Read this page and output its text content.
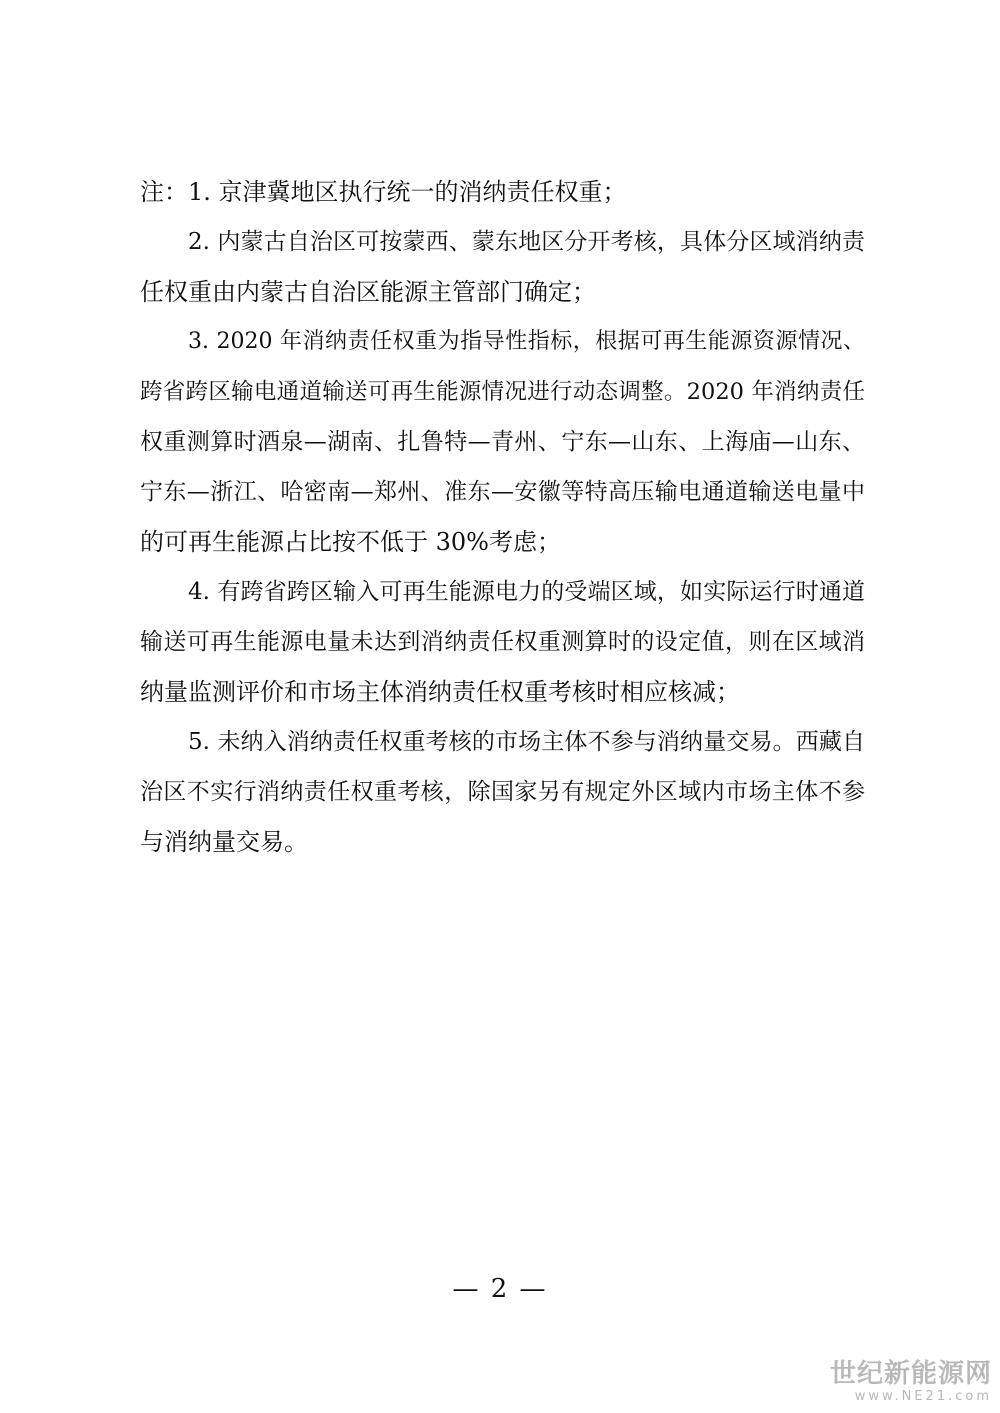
注：1. 京津冀地区执行统一的消纳责任权重；
2. 内蒙古自治区可按蒙西、蒙东地区分开考核，具体分区域消纳责
任权重由内蒙古自治区能源主管部门确定；
3. 2020 年消纳责任权重为指导性指标，根据可再生能源资源情况、
跨省跨区输电通道输送可再生能源情况进行动态调整。2020 年消纳责任
权重测算时酒泉—湖南、扎鲁特—青州、宁东—山东、上海庙—山东、
宁东—浙江、哈密南—郑州、准东—安徽等特高压输电通道输送电量中
的可再生能源占比按不低于 30%考虑；
4. 有跨省跨区输入可再生能源电力的受端区域，如实际运行时通道
输送可再生能源电量未达到消纳责任权重测算时的设定值，则在区域消
纳量监测评价和市场主体消纳责任权重考核时相应核减；
5. 未纳入消纳责任权重考核的市场主体不参与消纳量交易。西藏自
治区不实行消纳责任权重考核，除国家另有规定外区域内市场主体不参
与消纳量交易。
— 2 —
世纪新能源网
www.NE21.com
